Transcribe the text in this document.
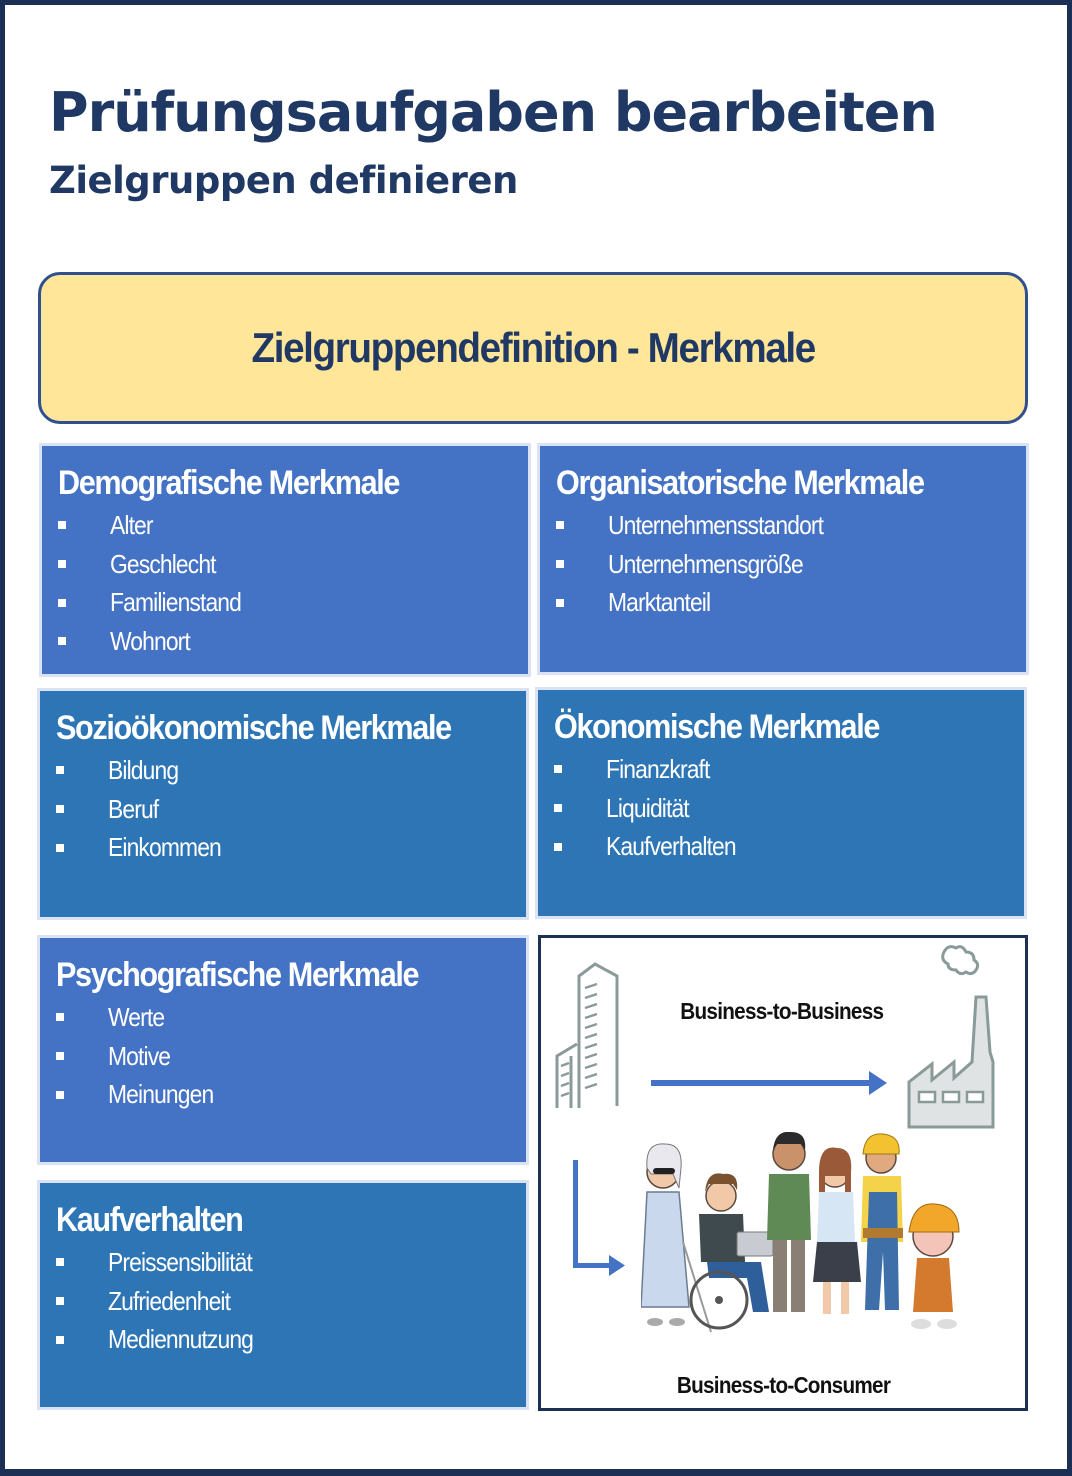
Prüfungsaufgaben bearbeiten
Zielgruppen definieren
Zielgruppendefinition - Merkmale
Demografische Merkmale
Alter
Geschlecht
Familienstand
Wohnort
Organisatorische Merkmale
Unternehmensstandort
Unternehmensgröße
Marktanteil
Sozioökonomische Merkmale
Bildung
Beruf
Einkommen
Ökonomische Merkmale
Finanzkraft
Liquidität
Kaufverhalten
Psychografische Merkmale
Werte
Motive
Meinungen
Kaufverhalten
Preissensibilität
Zufriedenheit
Mediennutzung
Business-to-Business
Business-to-Consumer
